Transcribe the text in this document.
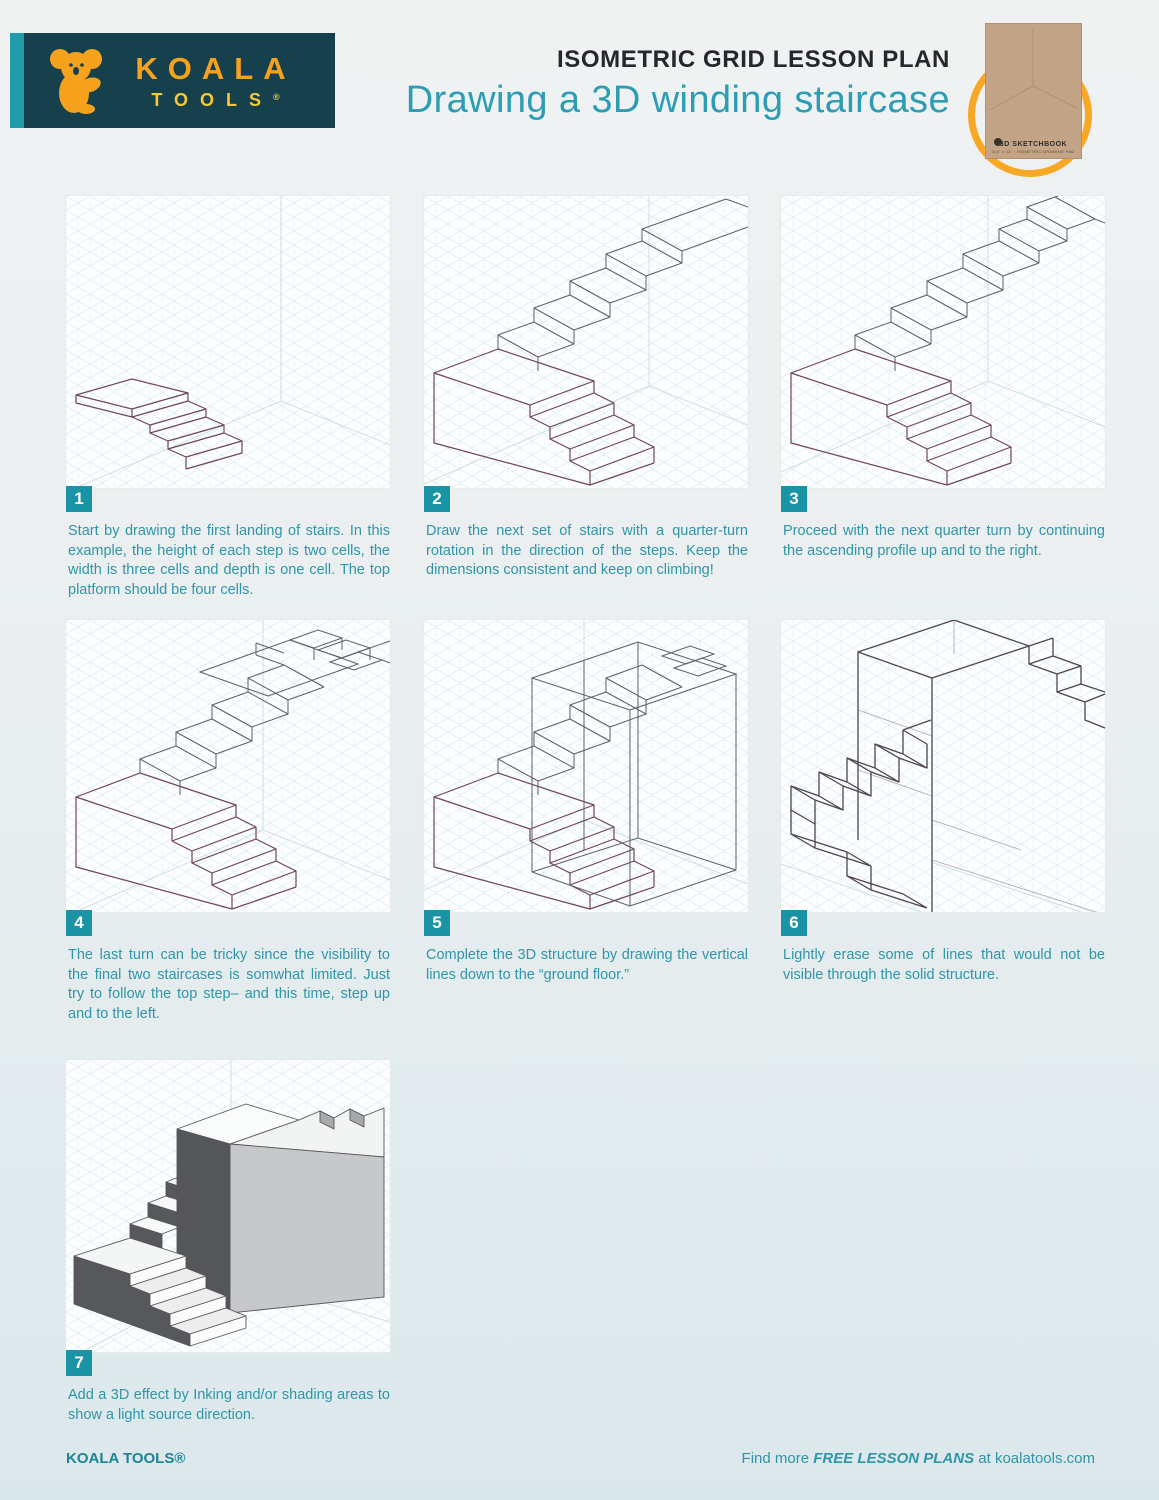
KOALA
TOOLS®
ISOMETRIC GRID LESSON PLAN
Drawing a 3D winding staircase
3D SKETCHBOOK
8.5" x 11" · ISOMETRIC DRAWING PAD
1
Start by drawing the first landing of stairs. In this example, the height of each step is two cells, the width is three cells and depth is one cell. The top platform should be four cells.
2
Draw the next set of stairs with a quarter-turn rotation in the direction of the steps. Keep the dimensions consistent and keep on climbing!
3
Proceed with the next quarter turn by continuing the ascending profile up and to the right.
4
The last turn can be tricky since the visibility to the final two staircases is somwhat limited. Just try to follow the top step– and this time, step up and to the left.
5
Complete the 3D structure by drawing the vertical lines down to the “ground floor.”
6
Lightly erase some of lines that would not be visible through the solid structure.
7
Add a 3D effect by Inking and/or shading areas to show a light source direction.
KOALA TOOLS®	Find more FREE LESSON PLANS at koalatools.com
